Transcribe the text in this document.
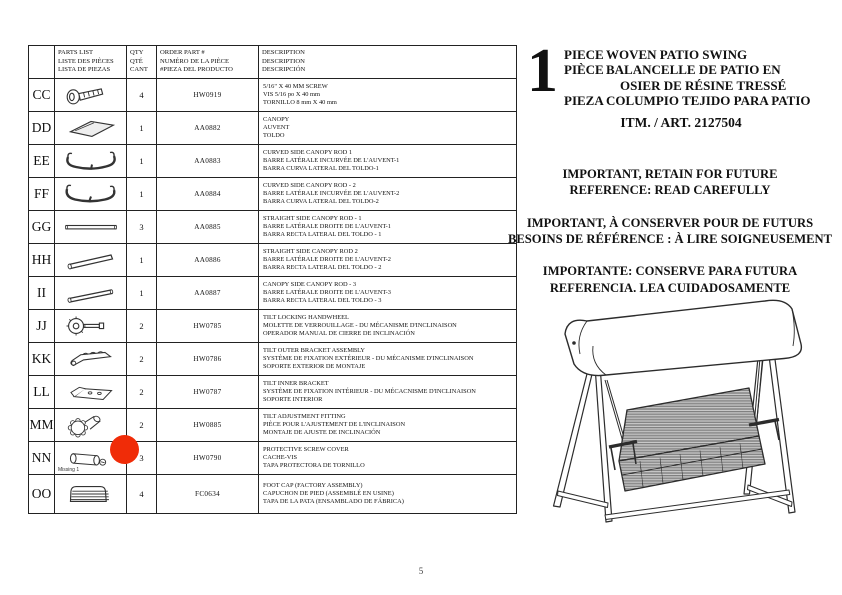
PARTS LIST
LISTE DES PIÈCES
LISTA DE PIEZAS

QTY
QTÉ
CANT

ORDER PART #
NUMÉRO DE LA PIÈCE
#PIEZA DEL PRODUCTO

DESCRIPTION
DESCRIPTION
DESCRIPCIÓN

CC		4	HW0919	5/16" X 40 MM SCREW
VIS 5/16 po X 40 mm
TORNILLO 8 mm X 40 mm

DD		1	AA0882	CANOPY
AUVENT
TOLDO

EE		1	AA0883	CURVED SIDE CANOPY ROD 1
BARRE LATÉRALE INCURVÉE DE L'AUVENT-1
BARRA CURVA LATERAL DEL TOLDO-1

FF		1	AA0884	CURVED SIDE CANOPY ROD - 2
BARRE LATÉRALE INCURVÉE DE L'AUVENT-2
BARRA CURVA LATERAL DEL TOLDO-2

GG		3	AA0885	STRAIGHT SIDE CANOPY ROD - 1
BARRE LATÉRALE DROITE DE L'AUVENT-1
BARRA RECTA LATERAL DEL TOLDO - 1

HH		1	AA0886	STRAIGHT SIDE CANOPY ROD 2
BARRE LATÉRALE DROITE DE L'AUVENT-2
BARRA RECTA LATERAL DEL TOLDO - 2

II		1	AA0887	CANOPY SIDE CANOPY ROD - 3
BARRE LATÉRALE DROITE DE L'AUVENT-3
BARRA RECTA LATERAL DEL TOLDO - 3

JJ		2	HW0785	TILT LOCKING HANDWHEEL
MOLETTE DE VERROUILLAGE - DU MÉCANISME D'INCLINAISON
OPERADOR MANUAL DE CIERRE DE INCLINACIÓN

KK		2	HW0786	TILT OUTER BRACKET ASSEMBLY
SYSTÈME DE FIXATION EXTÉRIEUR - DU MÉCANISME D'INCLINAISON
SOPORTE EXTERIOR DE MONTAJE

LL		2	HW0787	TILT INNER BRACKET
SYSTÈME DE FIXATION INTÉRIEUR - DU MÉCACNISME D'INCLINAISON
SOPORTE INTERIOR

MM		2	HW0885	TILT ADJUSTMENT FITTING
PIÈCE POUR L'AJUSTEMENT DE L'INCLINAISON
MONTAJE DE AJUSTE DE INCLINACIÓN

NN	Missing 1	3	HW0790	PROTECTIVE SCREW COVER
CACHE-VIS
TAPA PROTECTORA DE TORNILLO

OO		4	FC0634	FOOT CAP (FACTORY ASSEMBLY)
CAPUCHON DE PIED (ASSEMBLÉ EN USINE)
TAPA DE LA PATA (ENSAMBLADO DE FÁBRICA)
1 PIECE WOVEN PATIO SWING
PIÈCE BALANCELLE DE PATIO EN
OSIER DE RÉSINE TRESSÉ
PIEZA COLUMPIO TEJIDO PARA PATIO
ITM. / ART. 2127504
IMPORTANT, RETAIN FOR FUTURE
REFERENCE: READ CAREFULLY
IMPORTANT, À CONSERVER POUR DE FUTURS
BESOINS DE RÉFÉRENCE : À LIRE SOIGNEUSEMENT
IMPORTANTE: CONSERVE PARA FUTURA
REFERENCIA. LEA CUIDADOSAMENTE
5
